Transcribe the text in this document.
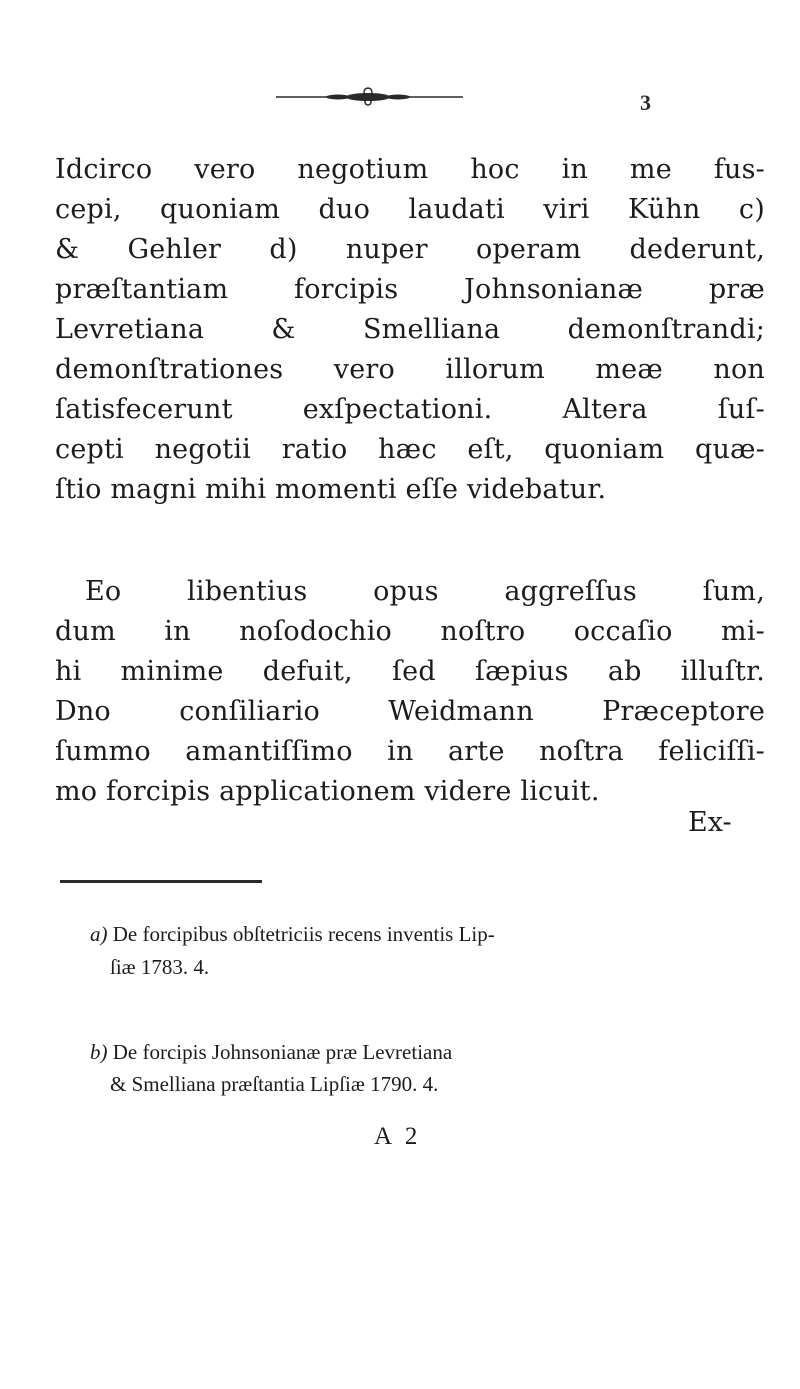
3
Idcirco vero negotium hoc in me fus-
cepi, quoniam duo laudati viri Kühn c)
& Gehler d) nuper operam dederunt,
præſtantiam forcipis Johnsonianæ præ
Levretiana & Smelliana demonſtrandi;
demonſtrationes vero illorum meæ non
ſatisfecerunt exſpectationi. Altera ſuſ-
cepti negotii ratio hæc eſt, quoniam quæ-
ſtio magni mihi momenti eſſe videbatur.
Eo libentius opus aggreſſus ſum,
dum in noſodochio noſtro occaſio mi-
hi minime defuit, ſed ſæpius ab illuſtr.
Dno conſiliario Weidmann Præceptore
ſummo amantiſſimo in arte noſtra feliciſſi-
mo forcipis applicationem videre licuit.
Ex-
a) De forcipibus obſtetriciis recens inventis Lip-
ſiæ 1783. 4.
b) De forcipis Johnsonianæ præ Levretiana
& Smelliana præſtantia Lipſiæ 1790. 4.
A 2
